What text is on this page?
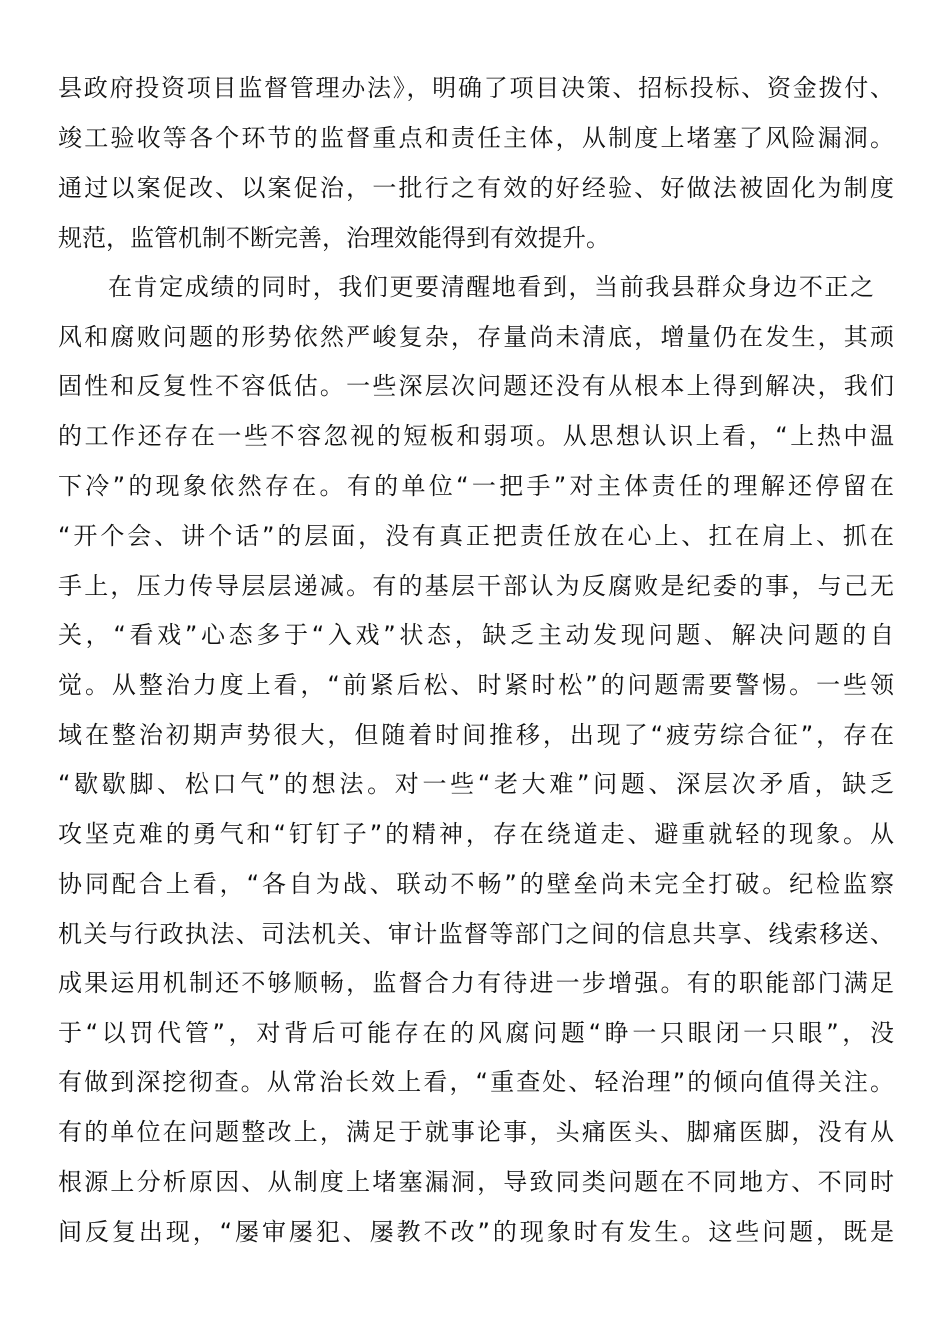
县政府投资项目监督管理办法》，明确了项目决策、招标投标、资金拨付、
竣工验收等各个环节的监督重点和责任主体，从制度上堵塞了风险漏洞。
通过以案促改、以案促治，一批行之有效的好经验、好做法被固化为制度
规范，监管机制不断完善，治理效能得到有效提升。
在肯定成绩的同时，我们更要清醒地看到，当前我县群众身边不正之
风和腐败问题的形势依然严峻复杂，存量尚未清底，增量仍在发生，其顽
固性和反复性不容低估。一些深层次问题还没有从根本上得到解决，我们
的工作还存在一些不容忽视的短板和弱项。从思想认识上看，“上热中温
下冷”的现象依然存在。有的单位“一把手”对主体责任的理解还停留在
“开个会、讲个话”的层面，没有真正把责任放在心上、扛在肩上、抓在
手上，压力传导层层递减。有的基层干部认为反腐败是纪委的事，与己无
关，“看戏”心态多于“入戏”状态，缺乏主动发现问题、解决问题的自
觉。从整治力度上看，“前紧后松、时紧时松”的问题需要警惕。一些领
域在整治初期声势很大，但随着时间推移，出现了“疲劳综合征”，存在
“歇歇脚、松口气”的想法。对一些“老大难”问题、深层次矛盾，缺乏
攻坚克难的勇气和“钉钉子”的精神，存在绕道走、避重就轻的现象。从
协同配合上看，“各自为战、联动不畅”的壁垒尚未完全打破。纪检监察
机关与行政执法、司法机关、审计监督等部门之间的信息共享、线索移送、
成果运用机制还不够顺畅，监督合力有待进一步增强。有的职能部门满足
于“以罚代管”，对背后可能存在的风腐问题“睁一只眼闭一只眼”，没
有做到深挖彻查。从常治长效上看，“重查处、轻治理”的倾向值得关注。
有的单位在问题整改上，满足于就事论事，头痛医头、脚痛医脚，没有从
根源上分析原因、从制度上堵塞漏洞，导致同类问题在不同地方、不同时
间反复出现，“屡审屡犯、屡教不改”的现象时有发生。这些问题，既是
